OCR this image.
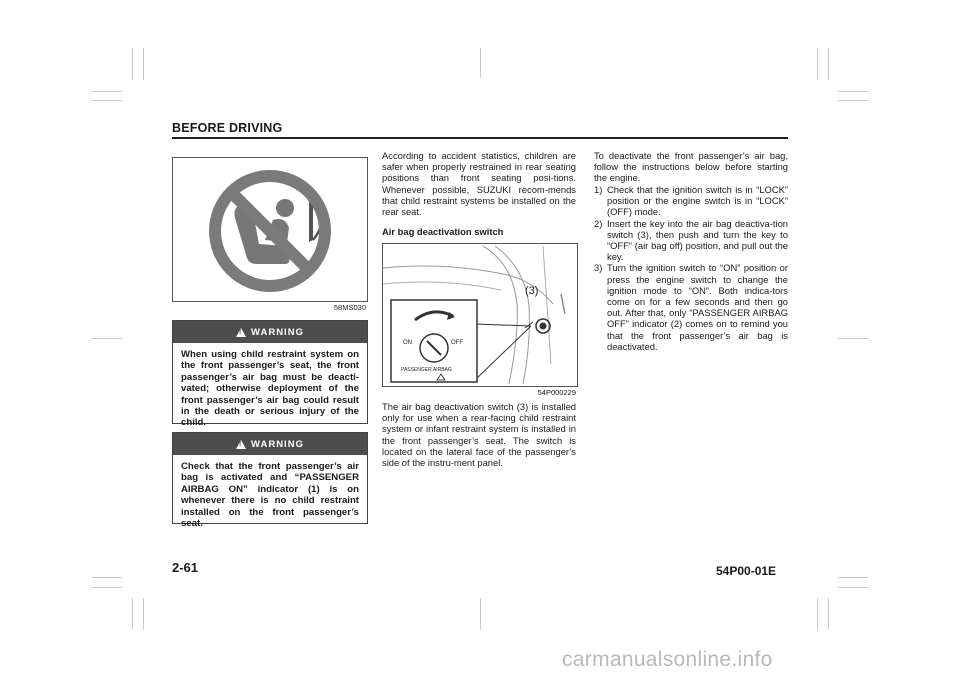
BEFORE DRIVING
58MS030
!
WARNING
When using child restraint system on the front passenger’s seat, the front passenger’s air bag must be deacti-vated; otherwise deployment of the front passenger’s air bag could result in the death or serious injury of the child.
!
WARNING
Check that the front passenger’s air bag is activated and “PASSENGER AIRBAG ON” indicator (1) is on whenever there is no child restraint installed on the front passenger’s seat.
According to accident statistics, children are safer when properly restrained in rear seating positions than front seating posi-tions. Whenever possible, SUZUKI recom-mends that child restraint systems be installed on the rear seat.
Air bag deactivation switch
(3)
ON	OFF
PASSENGER AIRBAG
54P000229
The air bag deactivation switch (3) is installed only for use when a rear-facing child restraint system or infant restraint system is installed in the front passenger’s seat. The switch is located on the lateral face of the passenger’s side of the instru-ment panel.
To deactivate the front passenger’s air bag, follow the instructions below before starting the engine.
1) Check that the ignition switch is in “LOCK” position or the engine switch is in “LOCK” (OFF) mode.
2) Insert the key into the air bag deactiva-tion switch (3), then push and turn the key to “OFF” (air bag off) position, and pull out the key.
3) Turn the ignition switch to “ON” position or press the engine switch to change the ignition mode to “ON”. Both indica-tors come on for a few seconds and then go out. After that, only “PASSENGER AIRBAG OFF” indicator (2) comes on to remind you that the front passenger’s air bag is deactivated.
2-61	54P00-01E
carmanualsonline.info
